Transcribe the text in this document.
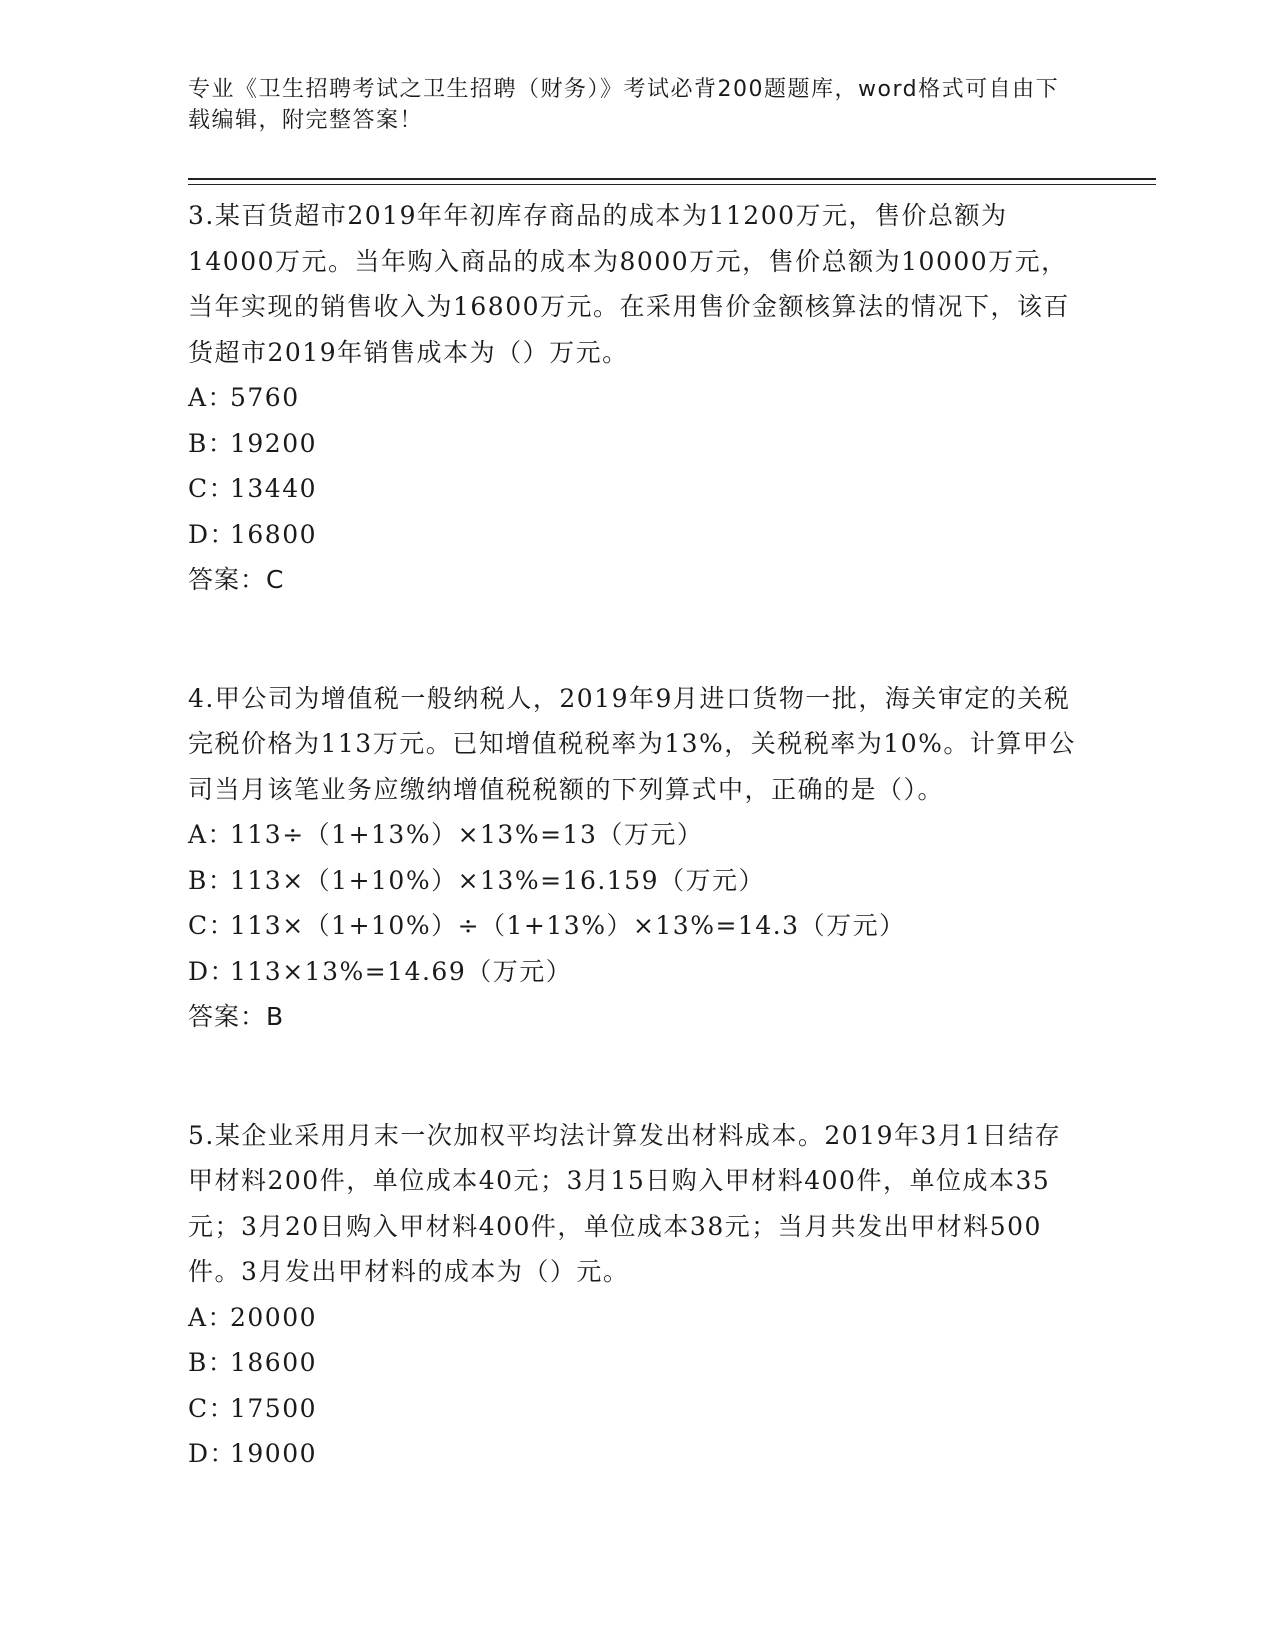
专业《卫生招聘考试之卫生招聘（财务）》考试必背200题题库，word格式可自由下载编辑，附完整答案！

3.某百货超市2019年年初库存商品的成本为11200万元，售价总额为14000万元。当年购入商品的成本为8000万元，售价总额为10000万元，当年实现的销售收入为16800万元。在采用售价金额核算法的情况下，该百货超市2019年销售成本为（）万元。

A：5760
B：19200
C：13440
D：16800
答案：C

4.甲公司为增值税一般纳税人，2019年9月进口货物一批，海关审定的关税完税价格为113万元。已知增值税税率为13%，关税税率为10%。计算甲公司当月该笔业务应缴纳增值税税额的下列算式中，正确的是（）。

A：113÷（1+13%）×13%=13（万元）
B：113×（1+10%）×13%=16.159（万元）
C：113×（1+10%）÷（1+13%）×13%=14.3（万元）
D：113×13%=14.69（万元）
答案：B

5.某企业采用月末一次加权平均法计算发出材料成本。2019年3月1日结存甲材料200件，单位成本40元；3月15日购入甲材料400件，单位成本35元；3月20日购入甲材料400件，单位成本38元；当月共发出甲材料500件。3月发出甲材料的成本为（）元。

A：20000
B：18600
C：17500
D：19000
